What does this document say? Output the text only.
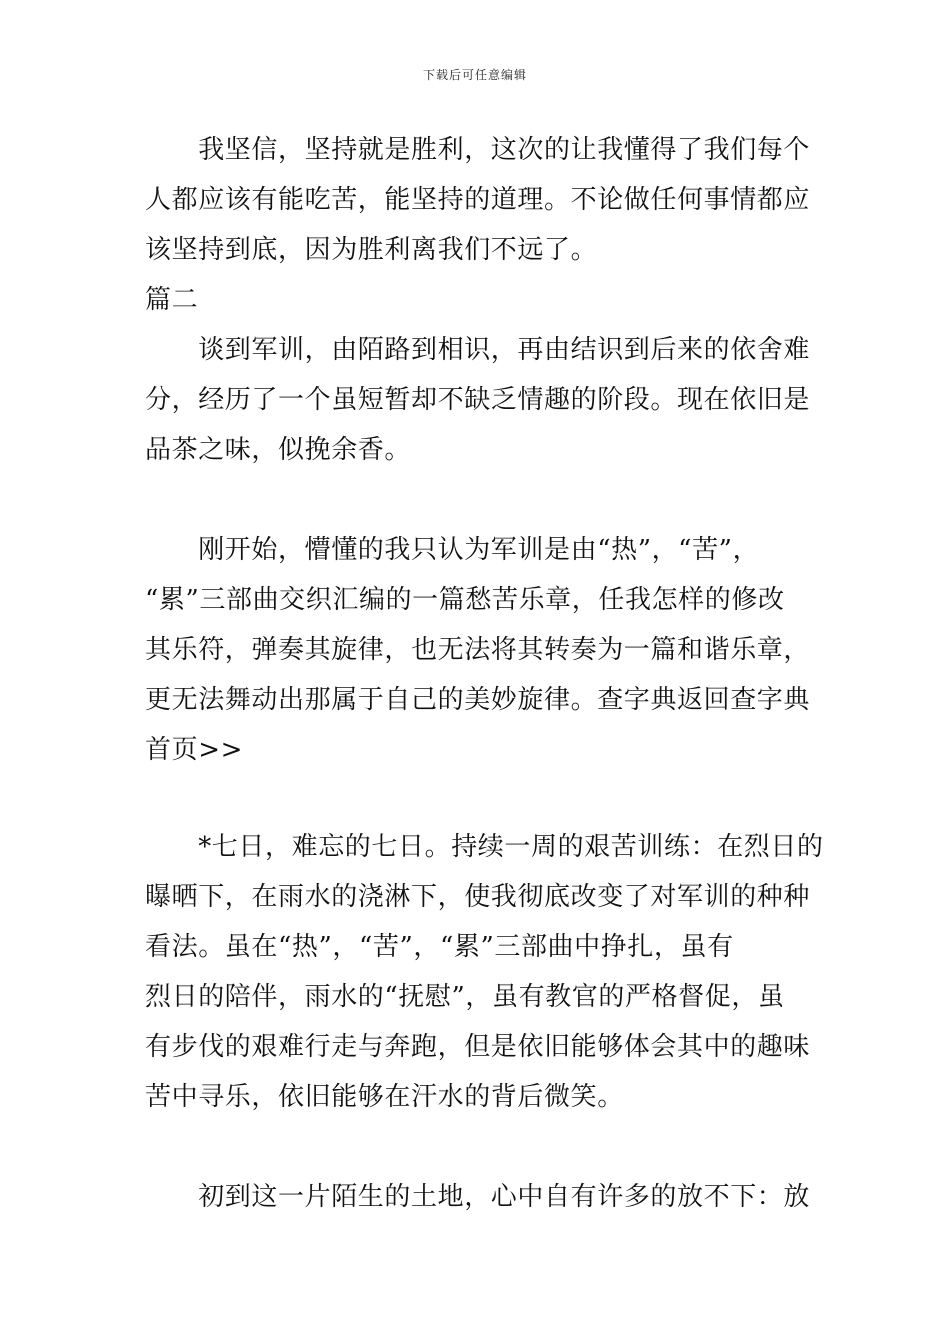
下载后可任意编辑
　　我坚信，坚持就是胜利，这次的让我懂得了我们每个
人都应该有能吃苦，能坚持的道理。不论做任何事情都应
该坚持到底，因为胜利离我们不远了。
篇二
　　谈到军训，由陌路到相识，再由结识到后来的依舍难
分，经历了一个虽短暂却不缺乏情趣的阶段。现在依旧是
品茶之味，似挽余香。
　　刚开始，懵懂的我只认为军训是由“热”，“苦”，
“累”三部曲交织汇编的一篇愁苦乐章，任我怎样的修改
其乐符，弹奏其旋律，也无法将其转奏为一篇和谐乐章，
更无法舞动出那属于自己的美妙旋律。查字典返回查字典
首页>>
　　*七日，难忘的七日。持续一周的艰苦训练：在烈日的
曝晒下，在雨水的浇淋下，使我彻底改变了对军训的种种
看法。虽在“热”，“苦”，“累”三部曲中挣扎，虽有
烈日的陪伴，雨水的“抚慰”，虽有教官的严格督促，虽
有步伐的艰难行走与奔跑，但是依旧能够体会其中的趣味
苦中寻乐，依旧能够在汗水的背后微笑。
　　初到这一片陌生的土地，心中自有许多的放不下：放
